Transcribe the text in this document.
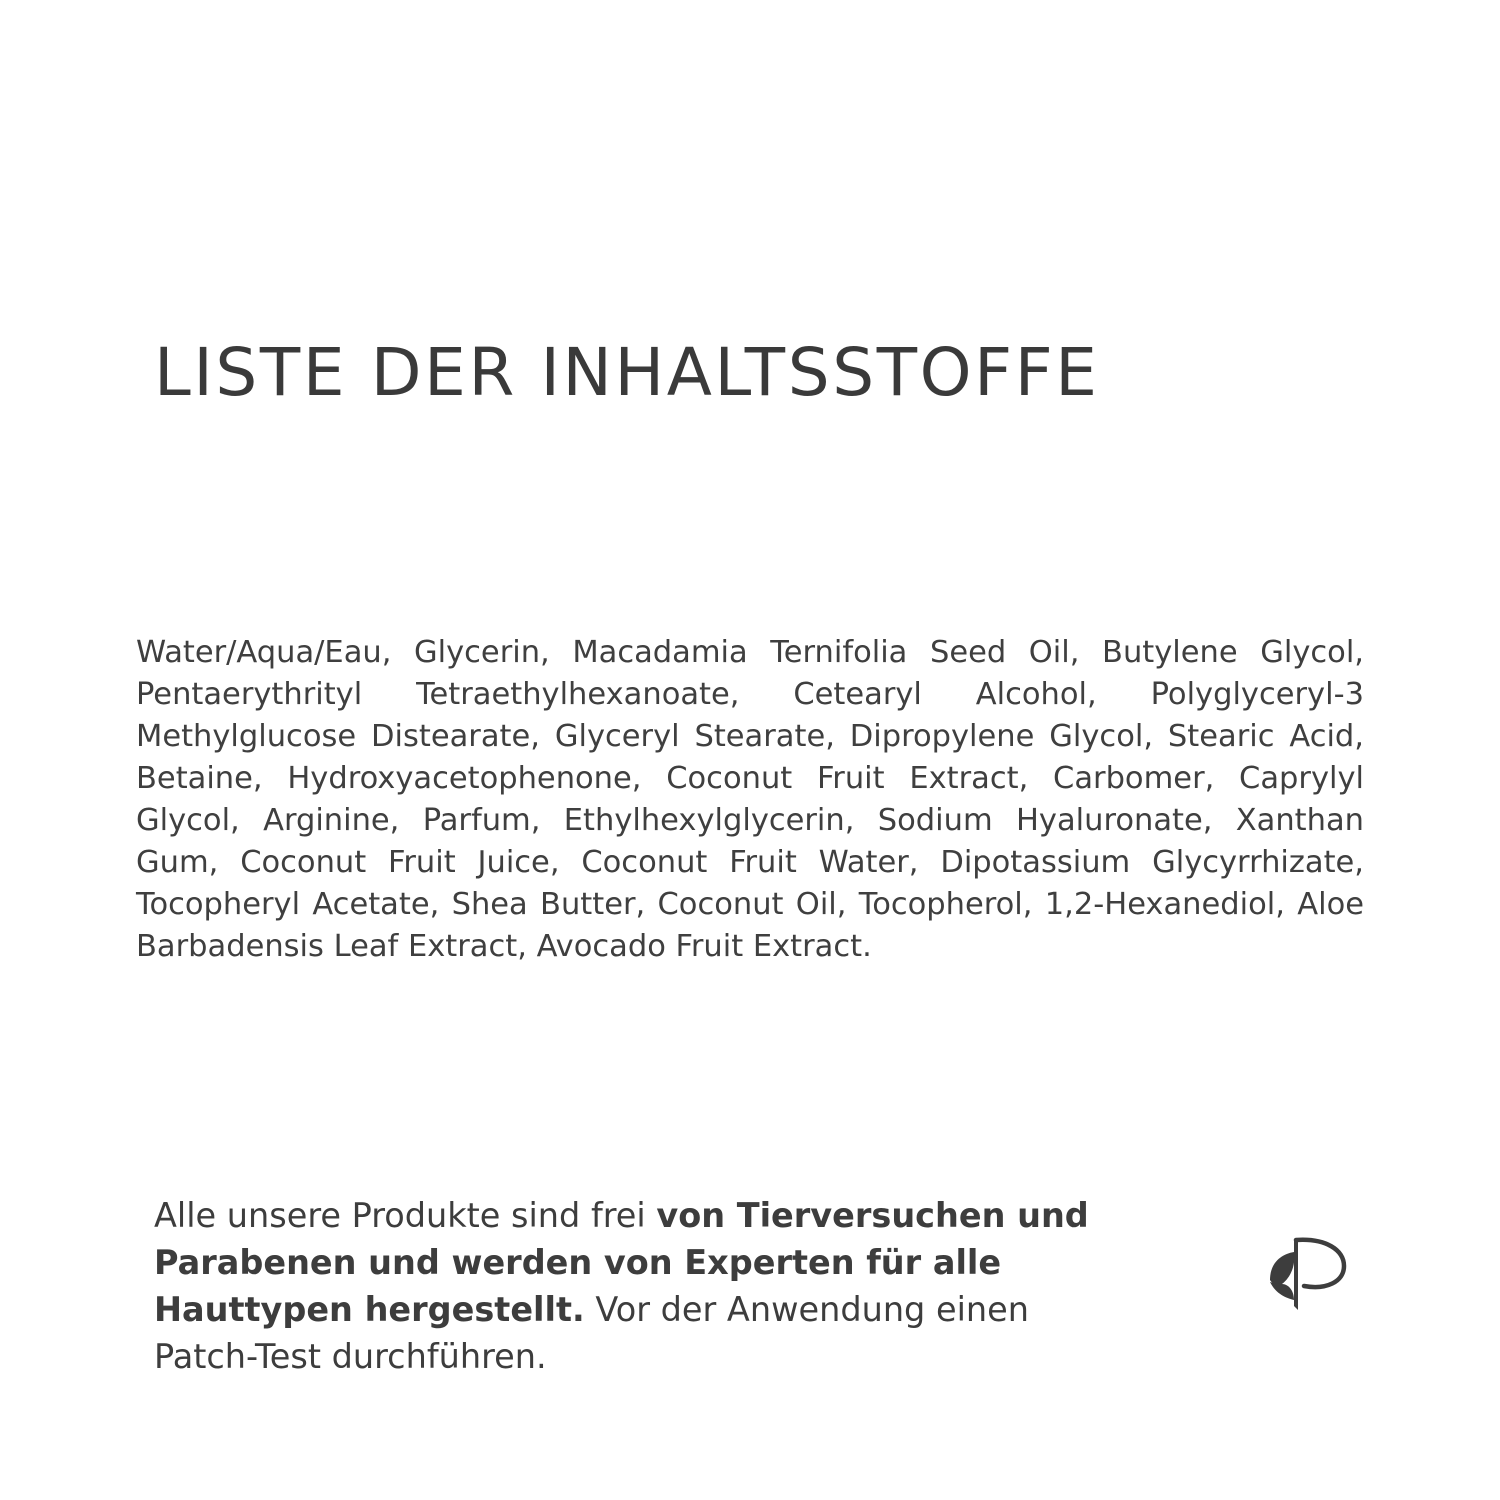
LISTE DER INHALTSSTOFFE

Water/Aqua/Eau, Glycerin, Macadamia Ternifolia Seed Oil, Butylene Glycol, Pentaerythrityl Tetraethylhexanoate, Cetearyl Alcohol, Polyglyceryl-3 Methylglucose Distearate, Glyceryl Stearate, Dipropylene Glycol, Stearic Acid, Betaine, Hydroxyacetophenone, Coconut Fruit Extract, Carbomer, Caprylyl Glycol, Arginine, Parfum, Ethylhexylglycerin, Sodium Hyaluronate, Xanthan Gum, Coconut Fruit Juice, Coconut Fruit Water, Dipotassium Glycyrrhizate, Tocopheryl Acetate, Shea Butter, Coconut Oil, Tocopherol, 1,2-Hexanediol, Aloe Barbadensis Leaf Extract, Avocado Fruit Extract.

Alle unsere Produkte sind frei von Tierversuchen und Parabenen und werden von Experten für alle Hauttypen hergestellt. Vor der Anwendung einen Patch-Test durchführen.
